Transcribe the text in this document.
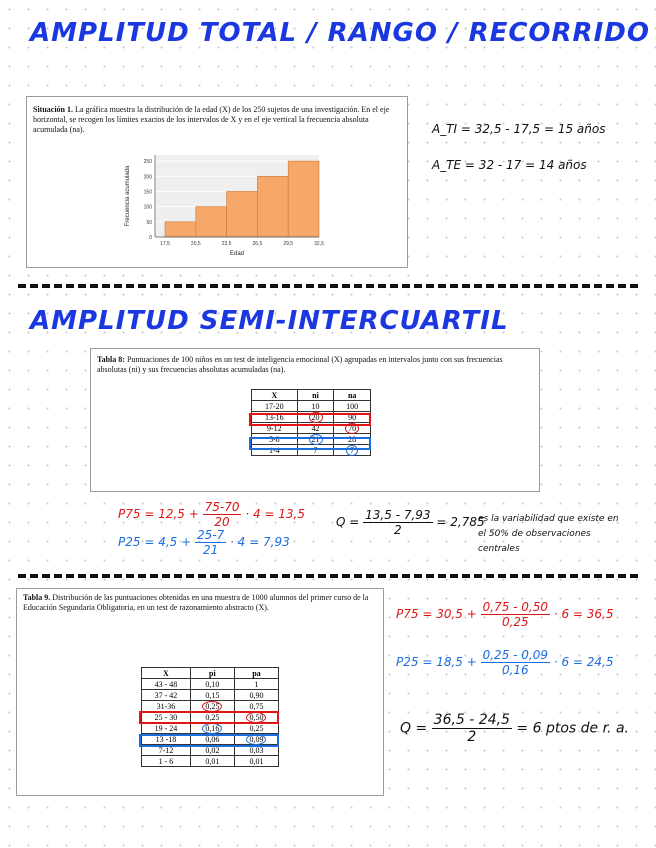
AMPLITUD TOTAL / RANGO / RECORRIDO
Situación 1. La gráfica muestra la distribución de la edad (X) de los 250 sujetos de una investigación. En el eje horizontal, se recogen los límites exactos de los intervalos de X y en el eje vertical la frecuencia absoluta acumulada (na).
0
50
100
150
200
250
17,5	20,5	23,5	26,5	29,5	32,5
Edad
Frecuencia acumulada
A_TI = 32,5 - 17,5 = 15 años
A_TE = 32 - 17 = 14 años
AMPLITUD SEMI-INTERCUARTIL
Tabla 8: Puntuaciones de 100 niños en un test de inteligencia emocional (X) agrupadas en intervalos junto con sus frecuencias absolutas (ni) y sus frecuencias absolutas acumuladas (na).
X	ni	na
17-20	10	100
13-16	20	90
9-12	42	70
5-8	21	28
1-4	7	7
$P75 = 12,5 + \frac{75-70}{20} \cdot 4 = 13,5$
$P25 = 4,5 + \frac{25-7}{21} \cdot 4 = 7,93$
$Q = \frac{13,5 - 7,93}{2} = 2,785$
es la variabilidad que existe en el 50% de observaciones centrales
Tabla 9. Distribución de las puntuaciones obtenidas en una muestra de 1000 alumnos del primer curso de la Educación Segundaria Obligatoria, en un test de razonamiento abstracto (X).
X	pi	pa
43 - 48	0,10	1
37 - 42	0,15	0,90
31-36	0,25	0,75
25 - 30	0,25	0,50
19 - 24	0,16	0,25
13 -18	0,06	0,09
7-12	0,02	0,03
1 - 6	0,01	0,01
$P75 = 30,5 + \frac{0,75 - 0,50}{0,25} \cdot 6 = 36,5$
$P25 = 18,5 + \frac{0,25 - 0,09}{0,16} \cdot 6 = 24,5$
$Q = \frac{36,5 - 24,5}{2} = 6$ ptos de r. a.
